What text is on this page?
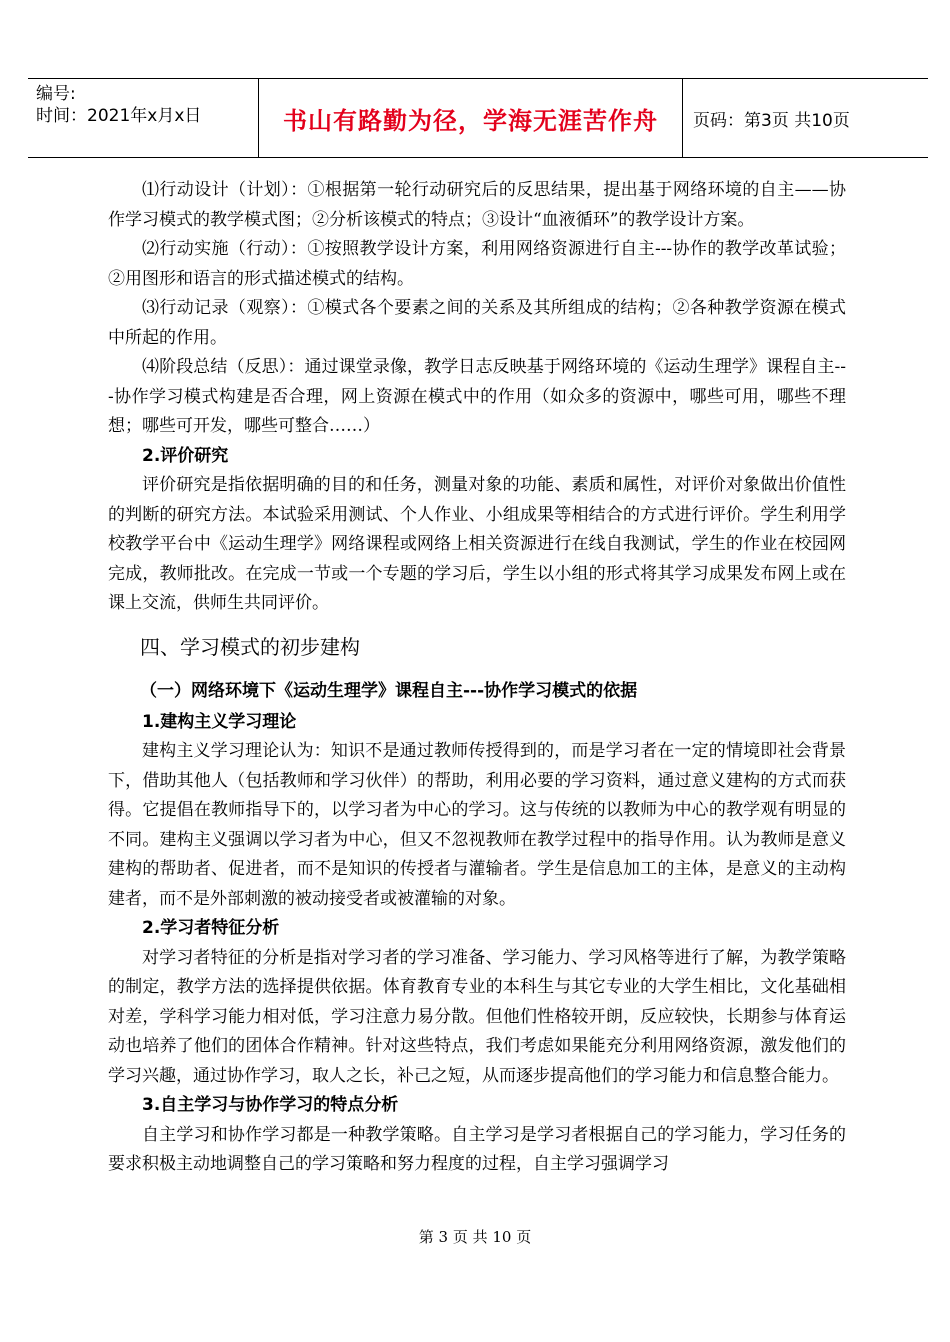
编号:
时间：2021年x月x日	书山有路勤为径，学海无涯苦作舟 页码：第3页 共10页

⑴行动设计（计划）：①根据第一轮行动研究后的反思结果，提出基于网络环境的自主——协作学习模式的教学模式图；②分析该模式的特点；③设计“血液循环”的教学设计方案。

⑵行动实施（行动）：①按照教学设计方案，利用网络资源进行自主---协作的教学改革试验；②用图形和语言的形式描述模式的结构。

⑶行动记录（观察）：①模式各个要素之间的关系及其所组成的结构；②各种教学资源在模式中所起的作用。

⑷阶段总结（反思）：通过课堂录像，教学日志反映基于网络环境的《运动生理学》课程自主---协作学习模式构建是否合理，网上资源在模式中的作用（如众多的资源中，哪些可用，哪些不理想；哪些可开发，哪些可整合……）

2.评价研究

评价研究是指依据明确的目的和任务，测量对象的功能、素质和属性，对评价对象做出价值性的判断的研究方法。本试验采用测试、个人作业、小组成果等相结合的方式进行评价。学生利用学校教学平台中《运动生理学》网络课程或网络上相关资源进行在线自我测试，学生的作业在校园网完成，教师批改。在完成一节或一个专题的学习后，学生以小组的形式将其学习成果发布网上或在课上交流，供师生共同评价。

四、学习模式的初步建构
（一）网络环境下《运动生理学》课程自主---协作学习模式的依据
1.建构主义学习理论

建构主义学习理论认为：知识不是通过教师传授得到的，而是学习者在一定的情境即社会背景下，借助其他人（包括教师和学习伙伴）的帮助，利用必要的学习资料，通过意义建构的方式而获得。它提倡在教师指导下的，以学习者为中心的学习。这与传统的以教师为中心的教学观有明显的不同。建构主义强调以学习者为中心，但又不忽视教师在教学过程中的指导作用。认为教师是意义建构的帮助者、促进者，而不是知识的传授者与灌输者。学生是信息加工的主体，是意义的主动构建者，而不是外部刺激的被动接受者或被灌输的对象。

2.学习者特征分析

对学习者特征的分析是指对学习者的学习准备、学习能力、学习风格等进行了解，为教学策略的制定，教学方法的选择提供依据。体育教育专业的本科生与其它专业的大学生相比，文化基础相对差，学科学习能力相对低，学习注意力易分散。但他们性格较开朗，反应较快，长期参与体育运动也培养了他们的团体合作精神。针对这些特点，我们考虑如果能充分利用网络资源，激发他们的学习兴趣，通过协作学习，取人之长，补己之短，从而逐步提高他们的学习能力和信息整合能力。

3.自主学习与协作学习的特点分析

自主学习和协作学习都是一种教学策略。自主学习是学习者根据自己的学习能力，学习任务的要求积极主动地调整自己的学习策略和努力程度的过程，自主学习强调学习

第 3 页 共 10 页
